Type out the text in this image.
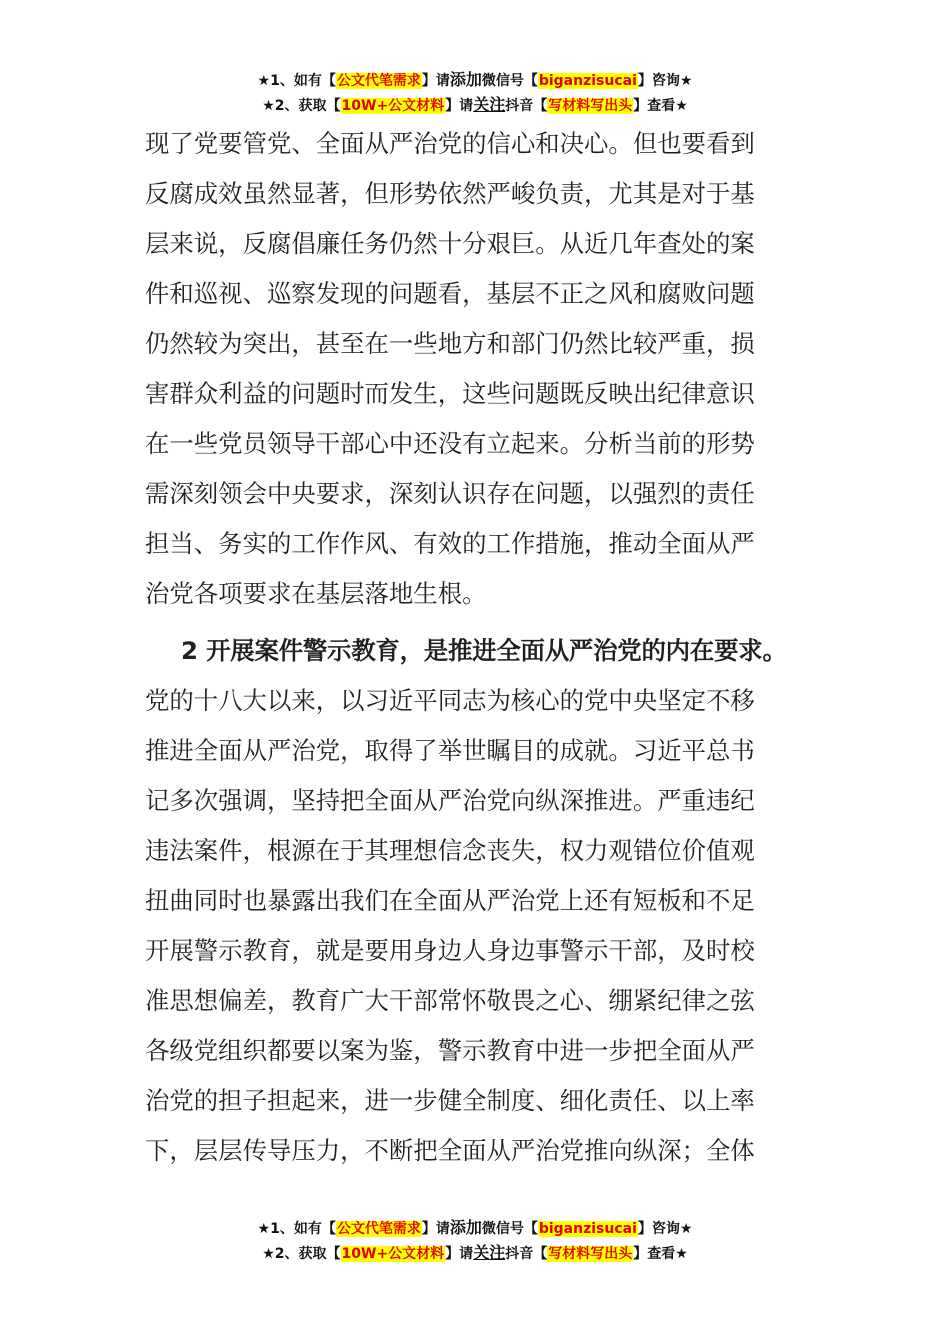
★1、如有【公文代笔需求】请添加微信号【biganzisucai】咨询★
★2、获取【10W+公文材料】请关注抖音【写材料写出头】查看★
现了党要管党、全面从严治党的信心和决心。但也要看到
反腐成效虽然显著，但形势依然严峻负责，尤其是对于基
层来说，反腐倡廉任务仍然十分艰巨。从近几年查处的案
件和巡视、巡察发现的问题看，基层不正之风和腐败问题
仍然较为突出，甚至在一些地方和部门仍然比较严重，损
害群众利益的问题时而发生，这些问题既反映出纪律意识
在一些党员领导干部心中还没有立起来。分析当前的形势
需深刻领会中央要求，深刻认识存在问题，以强烈的责任
担当、务实的工作作风、有效的工作措施，推动全面从严
治党各项要求在基层落地生根。
2 开展案件警示教育，是推进全面从严治党的内在要求。
党的十八大以来，以习近平同志为核心的党中央坚定不移
推进全面从严治党，取得了举世瞩目的成就。习近平总书
记多次强调，坚持把全面从严治党向纵深推进。严重违纪
违法案件，根源在于其理想信念丧失，权力观错位价值观
扭曲同时也暴露出我们在全面从严治党上还有短板和不足
开展警示教育，就是要用身边人身边事警示干部，及时校
准思想偏差，教育广大干部常怀敬畏之心、绷紧纪律之弦
各级党组织都要以案为鉴，警示教育中进一步把全面从严
治党的担子担起来，进一步健全制度、细化责任、以上率
下，层层传导压力，不断把全面从严治党推向纵深；全体
★1、如有【公文代笔需求】请添加微信号【biganzisucai】咨询★
★2、获取【10W+公文材料】请关注抖音【写材料写出头】查看★
